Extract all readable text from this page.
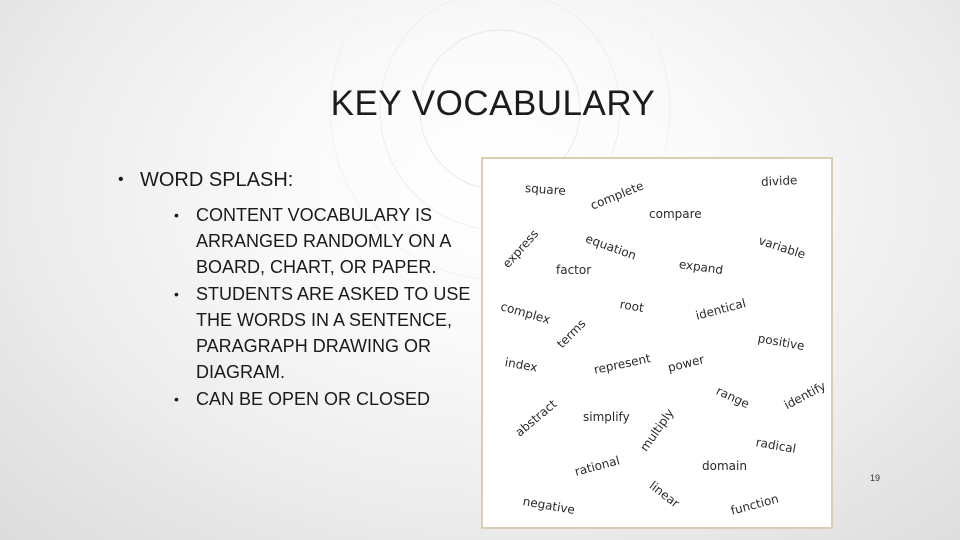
KEY VOCABULARY
• WORD SPLASH:
• CONTENT VOCABULARY IS ARRANGED RANDOMLY ON A BOARD, CHART, OR PAPER.
• STUDENTS ARE ASKED TO USE THE WORDS IN A SENTENCE, PARAGRAPH DRAWING OR DIAGRAM.
• CAN BE OPEN OR CLOSED
square complete	divide
compare
express	equation	variable
factor	expand
complex	root	identical
terms	positive
index	represent power
range	identify
abstract simplify multiply	radical
rational	domain
linear
negative	function
19
